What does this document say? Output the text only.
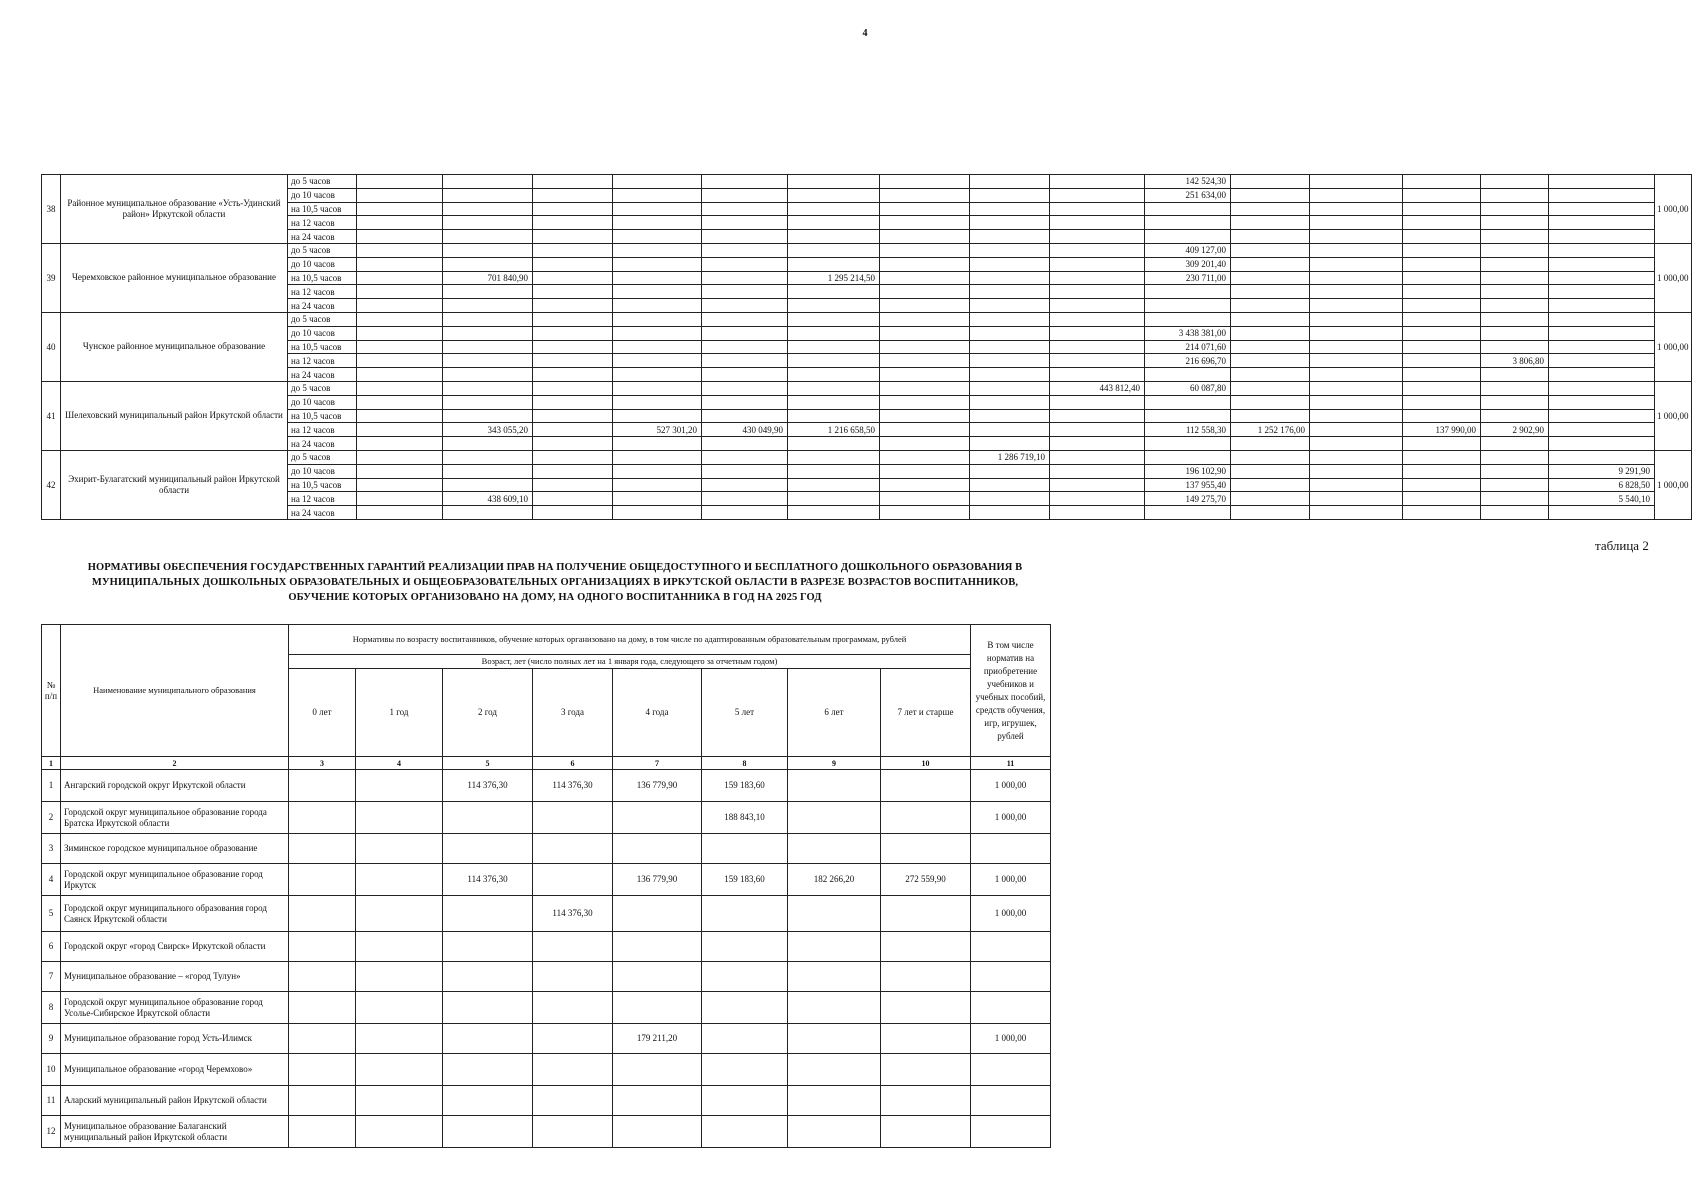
4
38	Районное муниципальное образование «Усть-Удинский район» Иркутской области	до 5 часов										142 524,30						1 000,00
		до 10 часов										251 634,00						
		на 10,5 часов																
		на 12 часов																
		на 24 часов																
39	Черемховское районное муниципальное образование	до 5 часов										409 127,00						1 000,00
		до 10 часов										309 201,40						
		на 10,5 часов		701 840,90				1 295 214,50				230 711,00						
		на 12 часов																
		на 24 часов																
40	Чунское районное муниципальное образование	до 5 часов																1 000,00
		до 10 часов										3 438 381,00						
		на 10,5 часов										214 071,60						
		на 12 часов										216 696,70				3 806,80		
		на 24 часов																
41	Шелеховский муниципальный район Иркутской области	до 5 часов									443 812,40	60 087,80						1 000,00
		до 10 часов																
		на 10,5 часов																
		на 12 часов		343 055,20		527 301,20	430 049,90	1 216 658,50				112 558,30	1 252 176,00		137 990,00	2 902,90		
		на 24 часов																
42	Эхирит-Булагатский муниципальный район Иркутской области	до 5 часов								1 286 719,10								1 000,00
		до 10 часов										196 102,90					9 291,90	
		на 10,5 часов										137 955,40					6 828,50	
		на 12 часов		438 609,10								149 275,70					5 540,10	
		на 24 часов																
таблица 2
НОРМАТИВЫ ОБЕСПЕЧЕНИЯ ГОСУДАРСТВЕННЫХ ГАРАНТИЙ РЕАЛИЗАЦИИ ПРАВ НА ПОЛУЧЕНИЕ ОБЩЕДОСТУПНОГО И БЕСПЛАТНОГО ДОШКОЛЬНОГО ОБРАЗОВАНИЯ В
МУНИЦИПАЛЬНЫХ ДОШКОЛЬНЫХ ОБРАЗОВАТЕЛЬНЫХ И ОБЩЕОБРАЗОВАТЕЛЬНЫХ ОРГАНИЗАЦИЯХ В ИРКУТСКОЙ ОБЛАСТИ В РАЗРЕЗЕ ВОЗРАСТОВ ВОСПИТАННИКОВ,
ОБУЧЕНИЕ КОТОРЫХ ОРГАНИЗОВАНО НА ДОМУ, НА ОДНОГО ВОСПИТАННИКА В ГОД НА 2025 ГОД
№ п/п	Наименование муниципального образования	Нормативы по возрасту воспитанников, обучение которых организовано на дому, в том числе по адаптированным образовательным программам, рублей								В том числе норматив на приобретение учебников и учебных пособий, средств обучения, игр, игрушек, рублей
		Возраст, лет (число полных лет на 1 января года, следующего за отчетным годом)								
		0 лет	1 год	2 год	3 года	4 года	5 лет	6 лет	7 лет и старше	
1	2	3	4	5	6	7	8	9	10	11
1	Ангарский городской округ Иркутской области			114 376,30	114 376,30	136 779,90	159 183,60			1 000,00
2	Городской округ муниципальное образование города Братска Иркутской области						188 843,10			1 000,00
3	Зиминское городское муниципальное образование									
4	Городской округ муниципальное образование город Иркутск			114 376,30		136 779,90	159 183,60	182 266,20	272 559,90	1 000,00
5	Городской округ муниципального образования город Саянск Иркутской области				114 376,30					1 000,00
6	Городской округ «город Свирск» Иркутской области									
7	Муниципальное образование – «город Тулун»									
8	Городской округ муниципальное образование город Усолье-Сибирское Иркутской области									
9	Муниципальное образование город Усть-Илимск					179 211,20				1 000,00
10	Муниципальное образование «город Черемхово»									
11	Аларский муниципальный район Иркутской области									
12	Муниципальное образование Балаганский муниципальный район Иркутской области									
